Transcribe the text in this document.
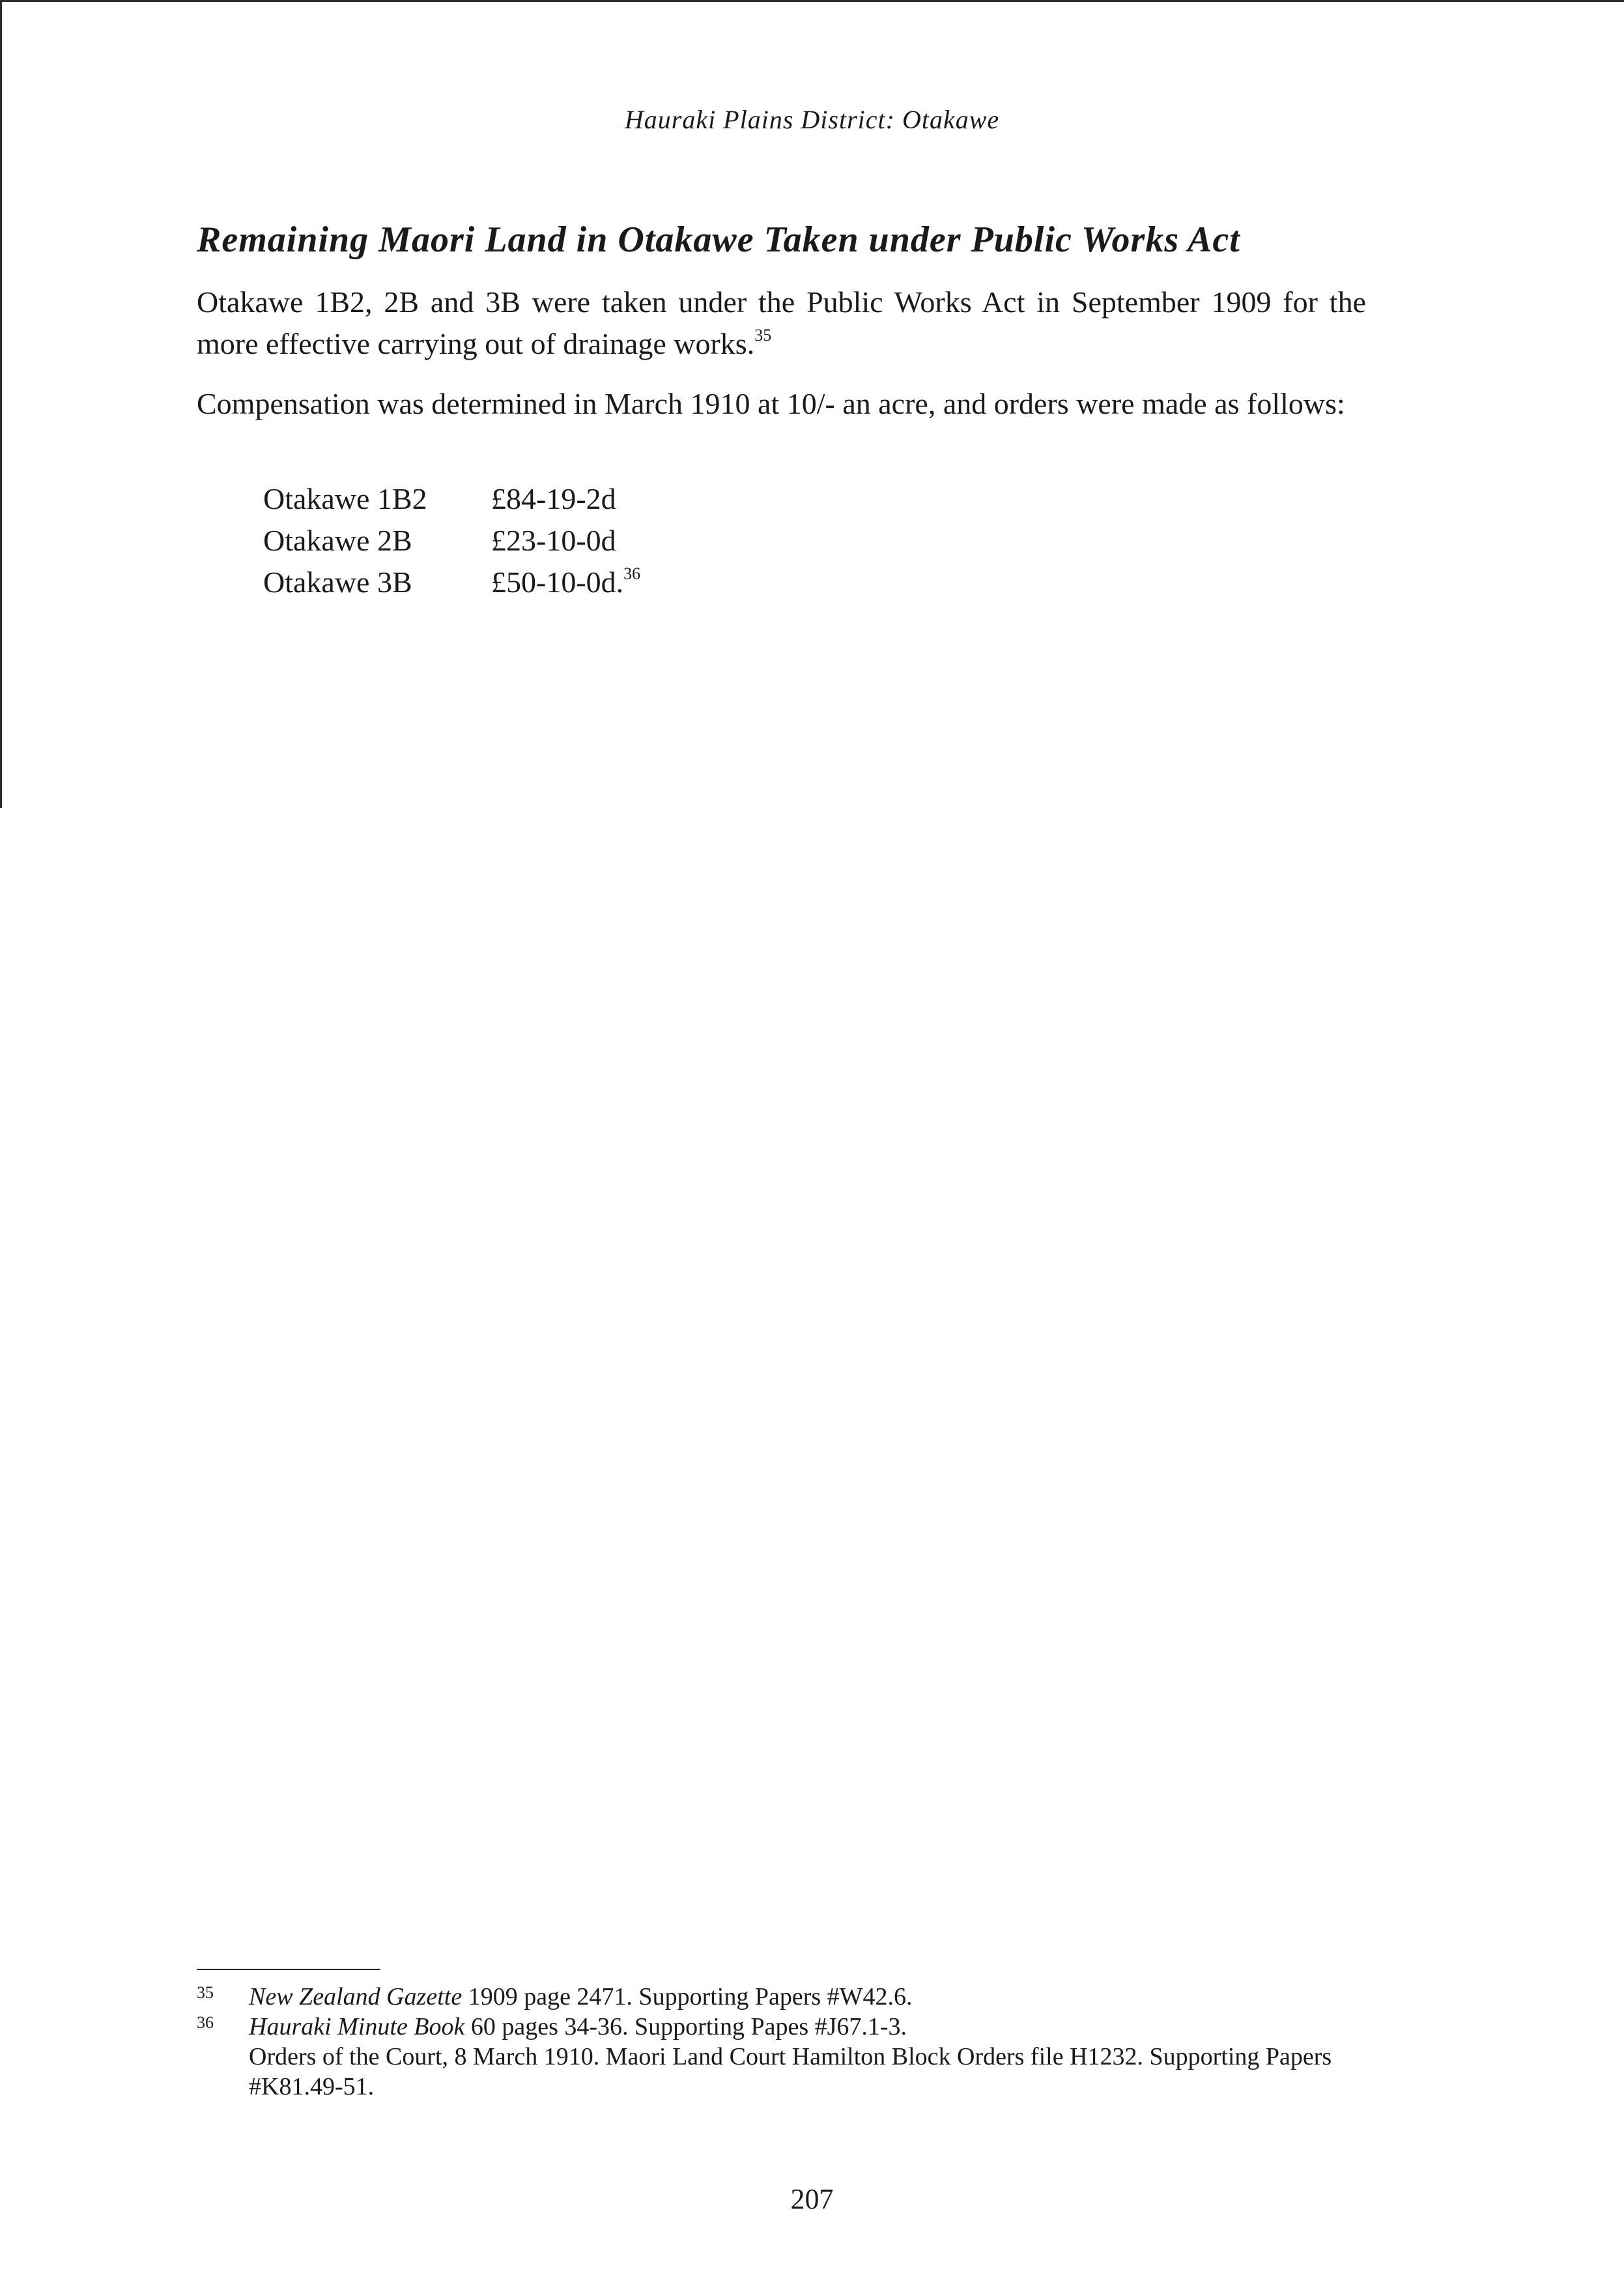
Hauraki Plains District: Otakawe
Remaining Maori Land in Otakawe Taken under Public Works Act

Otakawe 1B2, 2B and 3B were taken under the Public Works Act in September 1909 for the more effective carrying out of drainage works.$^{35}$

Compensation was determined in March 1910 at 10/- an acre, and orders were made as follows:

Otakawe 1B2	£84-19-2d
Otakawe 2B	£23-10-0d
Otakawe 3B	£50-10-0d.$^{36}$
35 New Zealand Gazette 1909 page 2471. Supporting Papers #W42.6.
36 Hauraki Minute Book 60 pages 34-36. Supporting Papes #J67.1-3.
Orders of the Court, 8 March 1910. Maori Land Court Hamilton Block Orders file H1232. Supporting Papers #K81.49-51.
207
